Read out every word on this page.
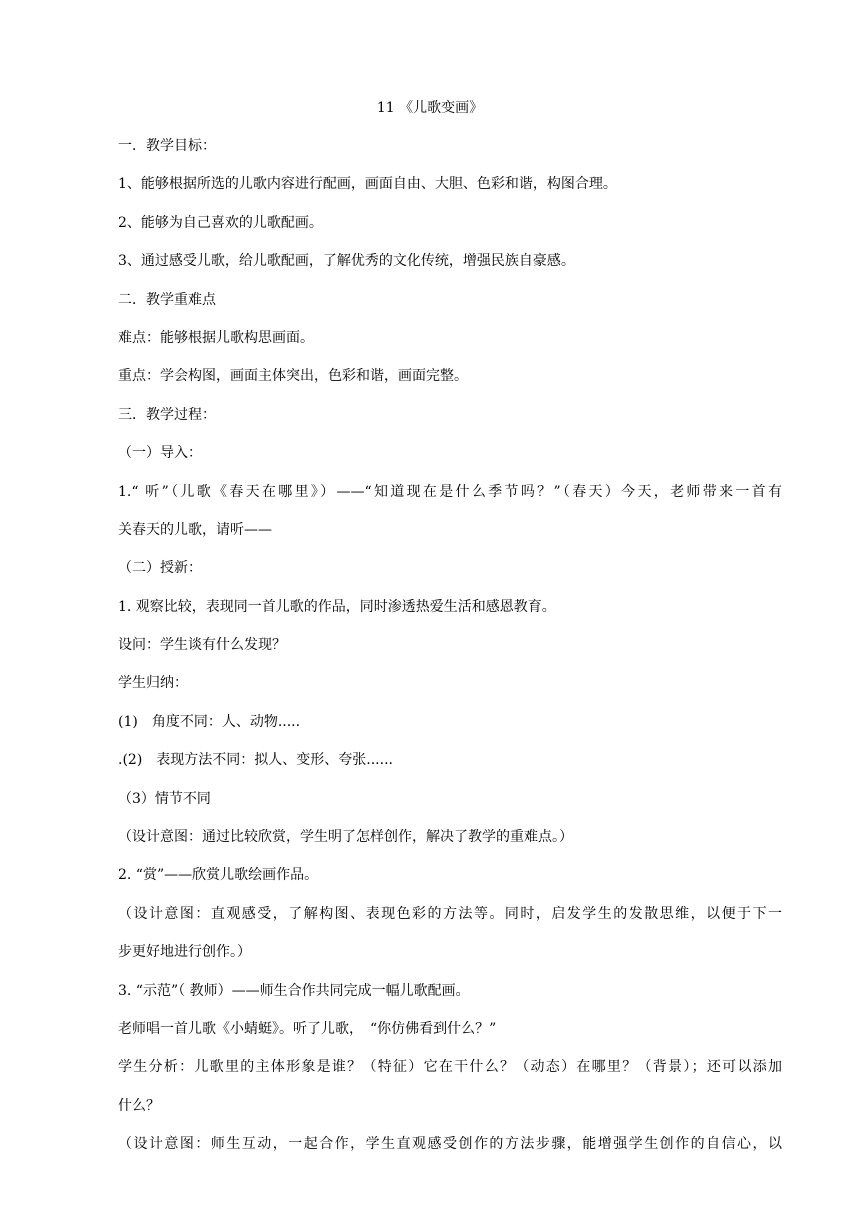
11 《儿歌变画》

一．教学目标：

1、能够根据所选的儿歌内容进行配画，画面自由、大胆、色彩和谐，构图合理。

2、能够为自己喜欢的儿歌配画。

3、通过感受儿歌，给儿歌配画，了解优秀的文化传统，增强民族自豪感。

二．教学重难点

难点：能够根据儿歌构思画面。

重点：学会构图，画面主体突出，色彩和谐，画面完整。

三．教学过程：

（一）导入：

1.“ 听”（儿歌《春天在哪里》）——“知道现在是什么季节吗？”（春天）今天，老师带来一首有

关春天的儿歌，请听——

（二）授新：

1. 观察比较，表现同一首儿歌的作品，同时渗透热爱生活和感恩教育。

设问：学生谈有什么发现？

学生归纳：

(1)　角度不同：人、动物.....

.(2)　表现方法不同：拟人、变形、夸张......

（3）情节不同

（设计意图：通过比较欣赏，学生明了怎样创作，解决了教学的重难点。）

2. “赏”——欣赏儿歌绘画作品。

（设计意图：直观感受，了解构图、表现色彩的方法等。同时，启发学生的发散思维，以便于下一

步更好地进行创作。）

3. “示范”（ 教师）——师生合作共同完成一幅儿歌配画。

老师唱一首儿歌《小蜻蜓》。听了儿歌，　“你仿佛看到什么？”

学生分析：儿歌里的主体形象是谁？（特征）它在干什么？（动态）在哪里？（背景）；还可以添加

什么？

（设计意图：师生互动，一起合作，学生直观感受创作的方法步骤，能增强学生创作的自信心，以
